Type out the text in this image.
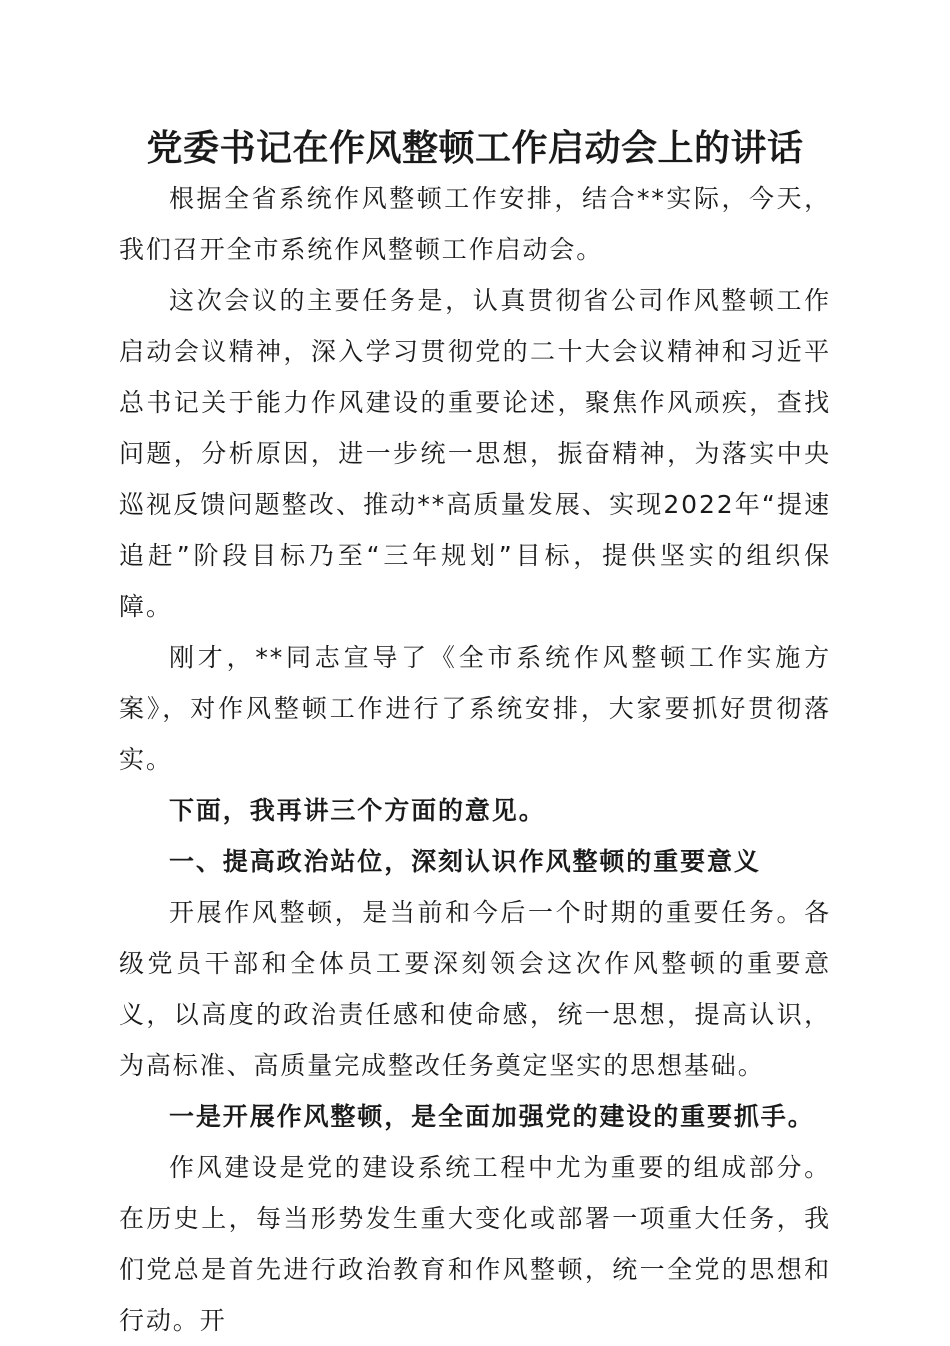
党委书记在作风整顿工作启动会上的讲话

根据全省系统作风整顿工作安排，结合**实际，今天，我们召开全市系统作风整顿工作启动会。

这次会议的主要任务是，认真贯彻省公司作风整顿工作启动会议精神，深入学习贯彻党的二十大会议精神和习近平总书记关于能力作风建设的重要论述，聚焦作风顽疾，查找问题，分析原因，进一步统一思想，振奋精神，为落实中央巡视反馈问题整改、推动**高质量发展、实现2022年“提速追赶”阶段目标乃至“三年规划”目标，提供坚实的组织保障。

刚才，**同志宣导了《全市系统作风整顿工作实施方案》，对作风整顿工作进行了系统安排，大家要抓好贯彻落实。

下面，我再讲三个方面的意见。

一、提高政治站位，深刻认识作风整顿的重要意义

开展作风整顿，是当前和今后一个时期的重要任务。各级党员干部和全体员工要深刻领会这次作风整顿的重要意义，以高度的政治责任感和使命感，统一思想，提高认识，为高标准、高质量完成整改任务奠定坚实的思想基础。

一是开展作风整顿，是全面加强党的建设的重要抓手。

作风建设是党的建设系统工程中尤为重要的组成部分。在历史上，每当形势发生重大变化或部署一项重大任务，我们党总是首先进行政治教育和作风整顿，统一全党的思想和行动。开
